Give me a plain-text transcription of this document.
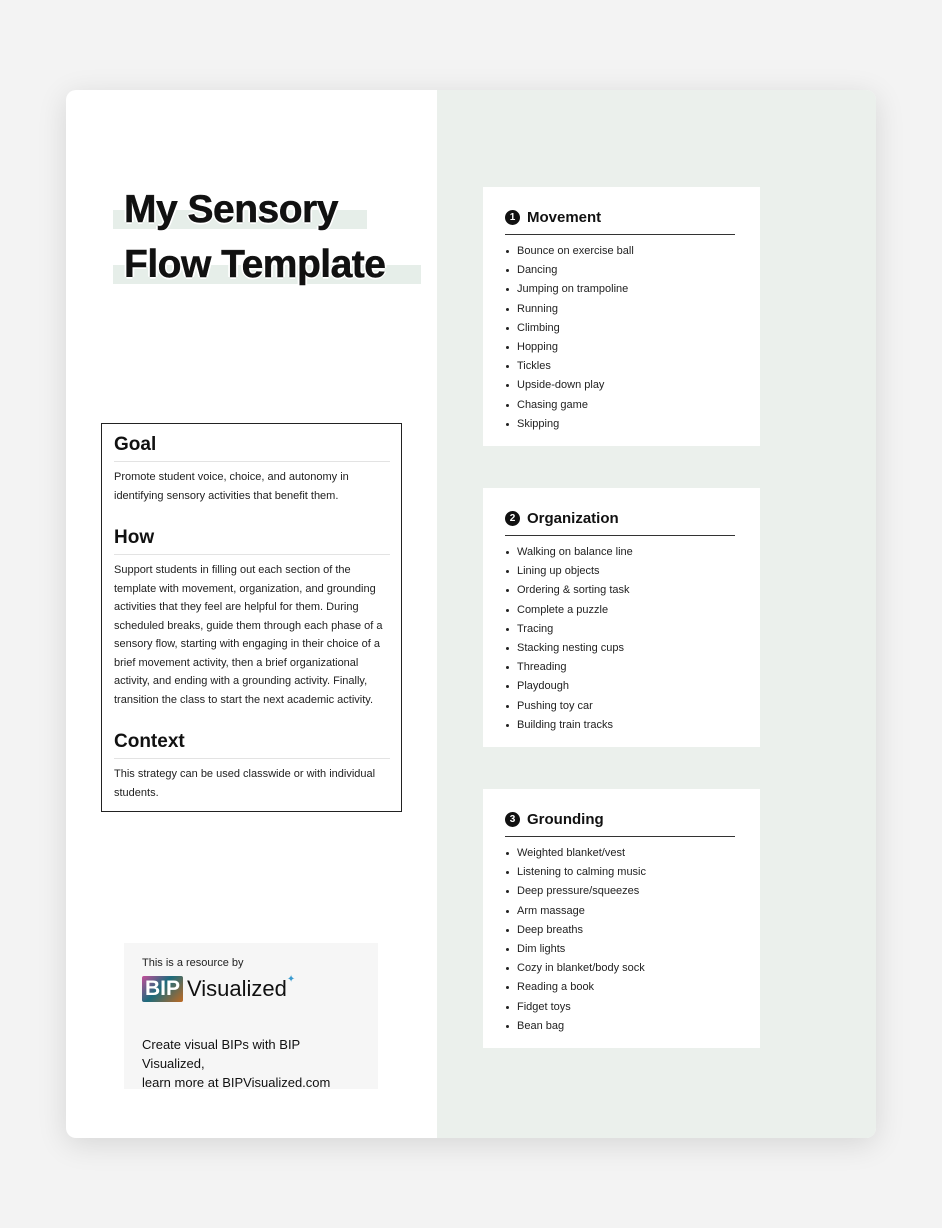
My Sensory
Flow Template
Goal

Promote student voice, choice, and autonomy in identifying sensory activities that benefit them.

How

Support students in filling out each section of the template with movement, organization, and grounding activities that they feel are helpful for them. During scheduled breaks, guide them through each phase of a sensory flow, starting with engaging in their choice of a brief movement activity, then a brief organizational activity, and ending with a grounding activity. Finally, transition the class to start the next academic activity.

Context

This strategy can be used classwide or with individual students.

This is a resource by
BIP Visualized ✦
Create visual BIPs with BIP Visualized,
learn more at BIPVisualized.com
1 Movement
Bounce on exercise ball
Dancing
Jumping on trampoline
Running
Climbing
Hopping
Tickles
Upside-down play
Chasing game
Skipping
2 Organization
Walking on balance line
Lining up objects
Ordering & sorting task
Complete a puzzle
Tracing
Stacking nesting cups
Threading
Playdough
Pushing toy car
Building train tracks
3 Grounding
Weighted blanket/vest
Listening to calming music
Deep pressure/squeezes
Arm massage
Deep breaths
Dim lights
Cozy in blanket/body sock
Reading a book
Fidget toys
Bean bag
